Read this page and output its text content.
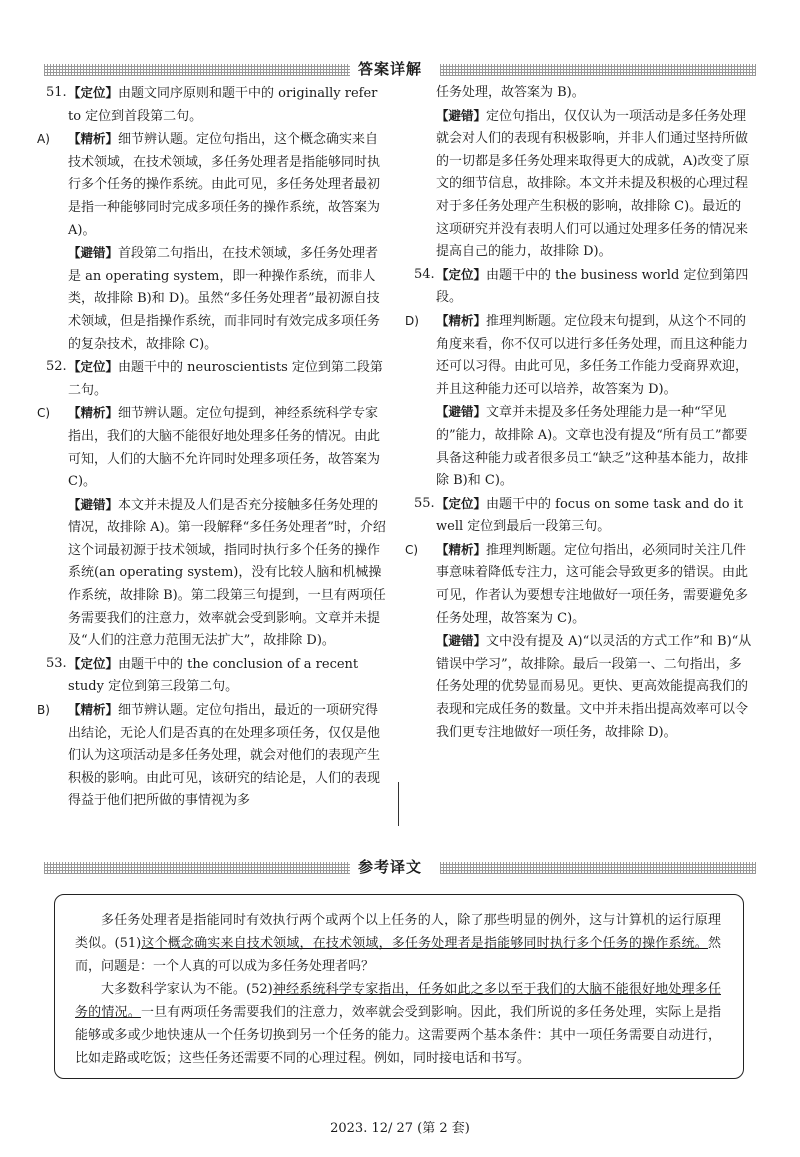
答案详解
51. 【定位】由题文同序原则和题干中的 originally refer to 定位到首段第二句。

A) 【精析】细节辨认题。定位句指出，这个概念确实来自技术领域，在技术领域，多任务处理者是指能够同时执行多个任务的操作系统。由此可见，多任务处理者最初是指一种能够同时完成多项任务的操作系统，故答案为 A)。

【避错】首段第二句指出，在技术领域，多任务处理者是 an operating system，即一种操作系统，而非人类，故排除 B)和 D)。虽然“多任务处理者”最初源自技术领域，但是指操作系统，而非同时有效完成多项任务的复杂技术，故排除 C)。

52. 【定位】由题干中的 neuroscientists 定位到第二段第二句。

C) 【精析】细节辨认题。定位句提到，神经系统科学专家指出，我们的大脑不能很好地处理多任务的情况。由此可知，人们的大脑不允许同时处理多项任务，故答案为 C)。

【避错】本文并未提及人们是否充分接触多任务处理的情况，故排除 A)。第一段解释“多任务处理者”时，介绍这个词最初源于技术领域，指同时执行多个任务的操作系统(an operating system)，没有比较人脑和机械操作系统，故排除 B)。第二段第三句提到，一旦有两项任务需要我们的注意力，效率就会受到影响。文章并未提及“人们的注意力范围无法扩大”，故排除 D)。

53. 【定位】由题干中的 the conclusion of a recent study 定位到第三段第二句。

B) 【精析】细节辨认题。定位句指出，最近的一项研究得出结论，无论人们是否真的在处理多项任务，仅仅是他们认为这项活动是多任务处理，就会对他们的表现产生积极的影响。由此可见，该研究的结论是，人们的表现得益于他们把所做的事情视为多

任务处理，故答案为 B)。

【避错】定位句指出，仅仅认为一项活动是多任务处理就会对人们的表现有积极影响，并非人们通过坚持所做的一切都是多任务处理来取得更大的成就，A)改变了原文的细节信息，故排除。本文并未提及积极的心理过程对于多任务处理产生积极的影响，故排除 C)。最近的这项研究并没有表明人们可以通过处理多任务的情况来提高自己的能力，故排除 D)。

54. 【定位】由题干中的 the business world 定位到第四段。

D) 【精析】推理判断题。定位段末句提到，从这个不同的角度来看，你不仅可以进行多任务处理，而且这种能力还可以习得。由此可见，多任务工作能力受商界欢迎，并且这种能力还可以培养，故答案为 D)。

【避错】文章并未提及多任务处理能力是一种“罕见的”能力，故排除 A)。文章也没有提及“所有员工”都要具备这种能力或者很多员工“缺乏”这种基本能力，故排除 B)和 C)。

55. 【定位】由题干中的 focus on some task and do it well 定位到最后一段第三句。

C) 【精析】推理判断题。定位句指出，必须同时关注几件事意味着降低专注力，这可能会导致更多的错误。由此可见，作者认为要想专注地做好一项任务，需要避免多任务处理，故答案为 C)。

【避错】文中没有提及 A)“以灵活的方式工作”和 B)“从错误中学习”，故排除。最后一段第一、二句指出，多任务处理的优势显而易见。更快、更高效能提高我们的表现和完成任务的数量。文中并未指出提高效率可以令我们更专注地做好一项任务，故排除 D)。

参考译文

多任务处理者是指能同时有效执行两个或两个以上任务的人，除了那些明显的例外，这与计算机的运行原理类似。(51)这个概念确实来自技术领域，在技术领域，多任务处理者是指能够同时执行多个任务的操作系统。然而，问题是：一个人真的可以成为多任务处理者吗？

大多数科学家认为不能。(52)神经系统科学专家指出，任务如此之多以至于我们的大脑不能很好地处理多任务的情况。一旦有两项任务需要我们的注意力，效率就会受到影响。因此，我们所说的多任务处理，实际上是指能够或多或少地快速从一个任务切换到另一个任务的能力。这需要两个基本条件：其中一项任务需要自动进行，比如走路或吃饭；这些任务还需要不同的心理过程。例如，同时接电话和书写。

2023. 12/ 27 (第 2 套)
